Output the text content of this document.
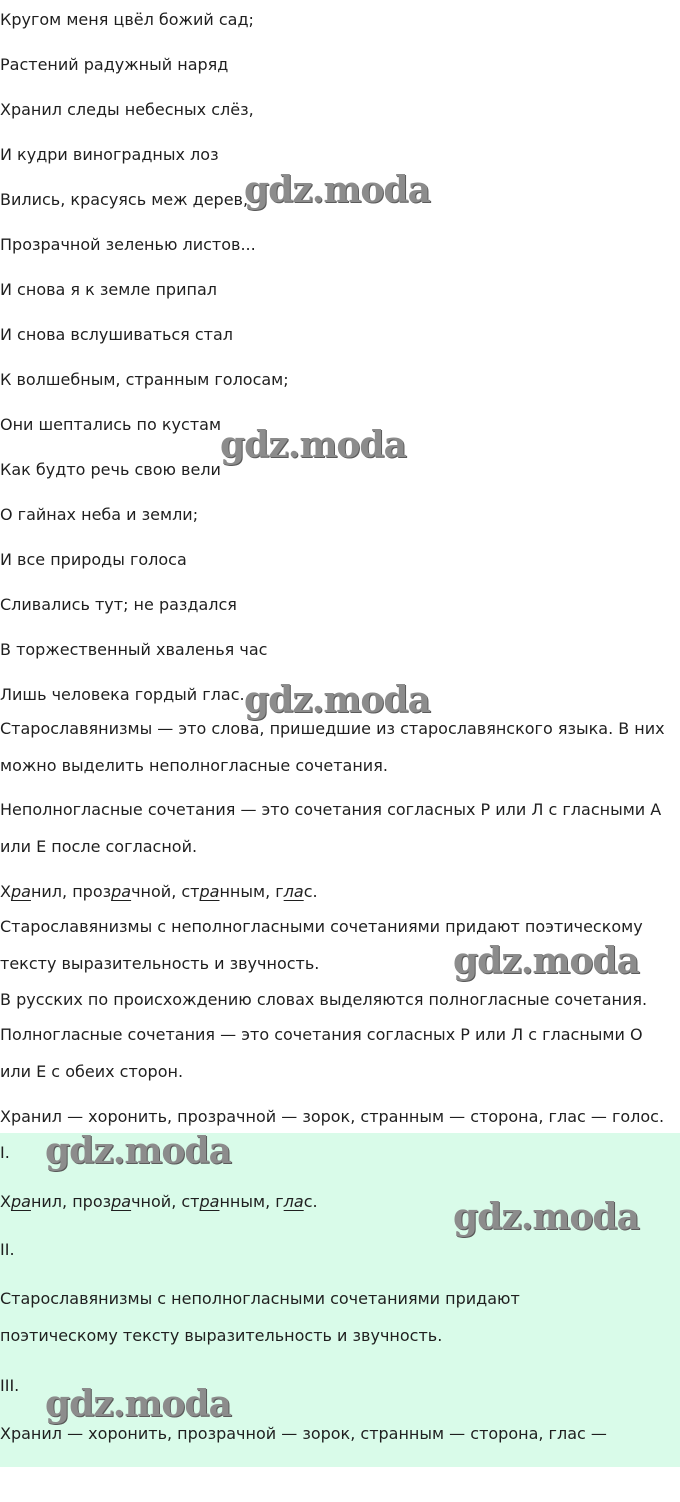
Кругом меня цвёл божий сад;
Растений радужный наряд
Хранил следы небесных слёз,
И кудри виноградных лоз
Вились, красуясь меж дерев,
Прозрачной зеленью листов...
И снова я к земле припал
И снова вслушиваться стал
К волшебным, странным голосам;
Они шептались по кустам
Как будто речь свою вели
О гайнах неба и земли;
И все природы голоса
Сливались тут; не раздался
В торжественный хваленья час
Лишь человека гордый глас.
Старославянизмы — это слова, пришедшие из старославянского языка. В них можно выделить неполногласные сочетания.
Неполногласные сочетания — это сочетания согласных Р или Л с гласными А или Е после согласной.
Хранил, прозрачной, странным, глас.
Старославянизмы с неполногласными сочетаниями придают поэтическому тексту выразительность и звучность.
В русских по происхождению словах выделяются полногласные сочетания.
Полногласные сочетания — это сочетания согласных Р или Л с гласными О или Е с обеих сторон.
Хранил — хоронить, прозрачной — зорок, странным — сторона, глас — голос.
I.
Хранил, прозрачной, странным, глас.
II.
Старославянизмы с неполногласными сочетаниями придают поэтическому тексту выразительность и звучность.
III.
Хранил — хоронить, прозрачной — зорок, странным — сторона, глас —
gdz.moda
gdz.moda
gdz.moda
gdz.moda
gdz.moda
gdz.moda
gdz.moda
